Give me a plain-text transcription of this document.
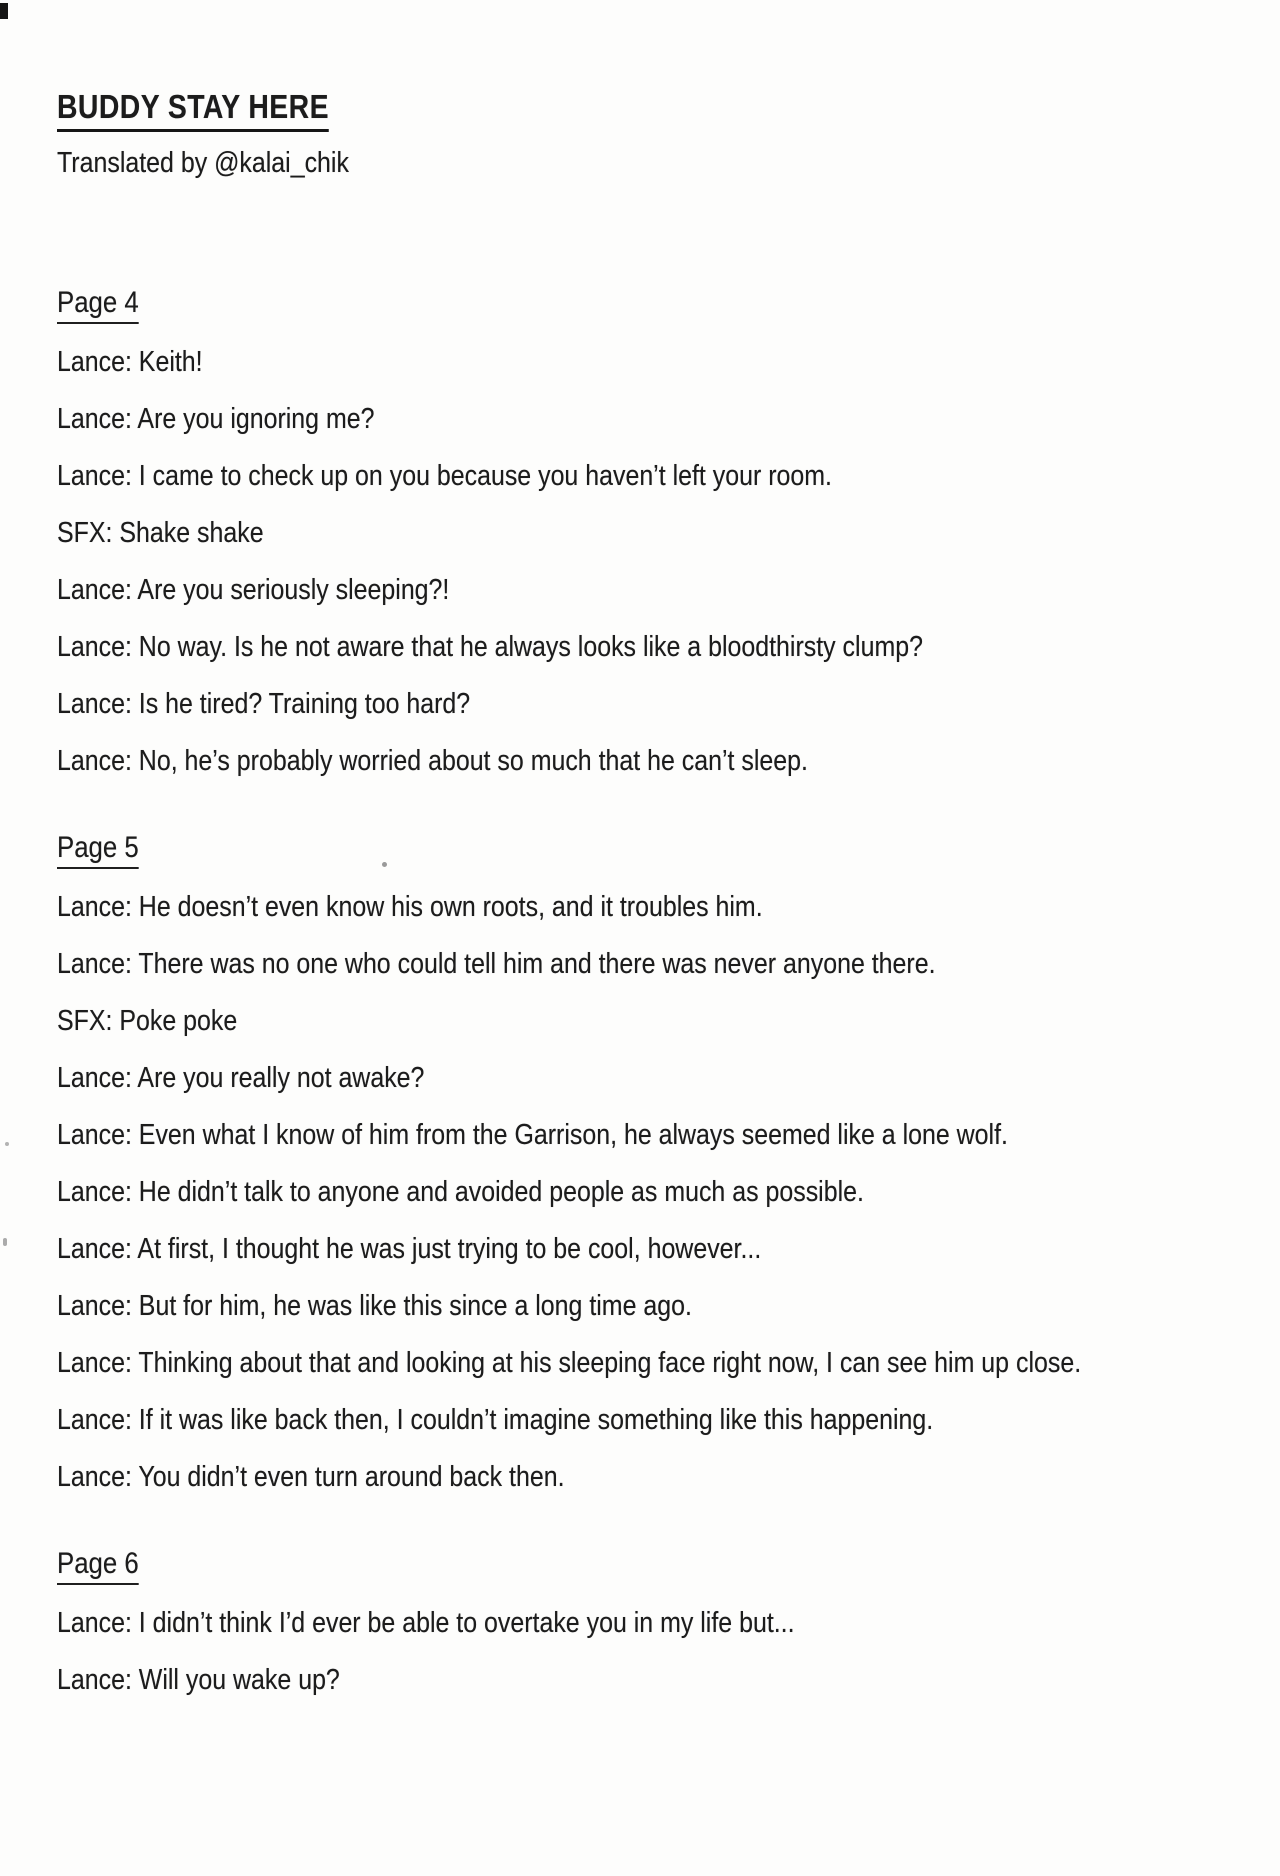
BUDDY STAY HERE

Translated by @kalai_chik

Page 4

Lance: Keith!

Lance: Are you ignoring me?

Lance: I came to check up on you because you haven’t left your room.

SFX: Shake shake

Lance: Are you seriously sleeping?!

Lance: No way. Is he not aware that he always looks like a bloodthirsty clump?

Lance: Is he tired? Training too hard?

Lance: No, he’s probably worried about so much that he can’t sleep.

Page 5

Lance: He doesn’t even know his own roots, and it troubles him.

Lance: There was no one who could tell him and there was never anyone there.

SFX: Poke poke

Lance: Are you really not awake?

Lance: Even what I know of him from the Garrison, he always seemed like a lone wolf.

Lance: He didn’t talk to anyone and avoided people as much as possible.

Lance: At first, I thought he was just trying to be cool, however...

Lance: But for him, he was like this since a long time ago.

Lance: Thinking about that and looking at his sleeping face right now, I can see him up close.

Lance: If it was like back then, I couldn’t imagine something like this happening.

Lance: You didn’t even turn around back then.

Page 6

Lance: I didn’t think I’d ever be able to overtake you in my life but...

Lance: Will you wake up?
